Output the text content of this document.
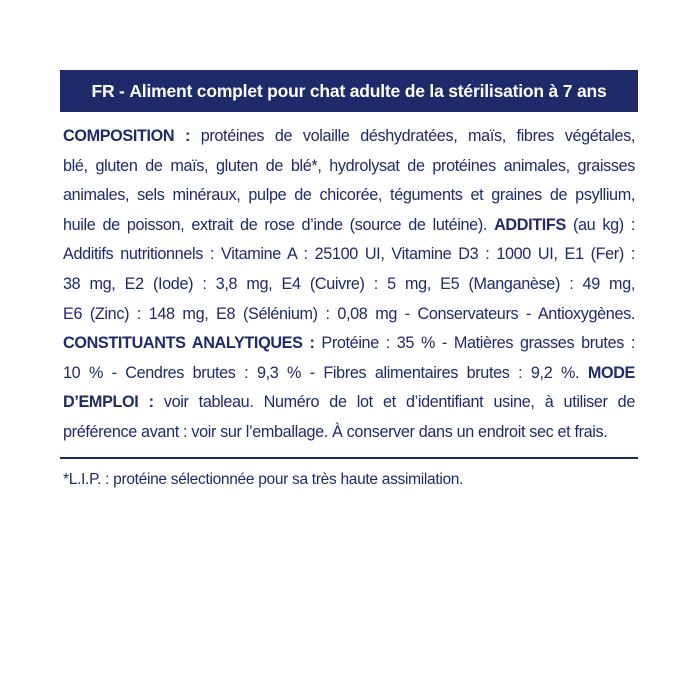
FR -
Aliment complet pour chat adulte de la stérilisation à 7 ans
COMPOSITION : protéines de volaille déshydratées, maïs, fibres végétales,
blé, gluten de maïs, gluten de blé*, hydrolysat de protéines animales, graisses
animales, sels minéraux, pulpe de chicorée, téguments et graines de psyllium,
huile de poisson, extrait de rose d’inde (source de lutéine). ADDITIFS (au kg) :
Additifs nutritionnels : Vitamine A : 25100 UI, Vitamine D3 : 1000 UI, E1 (Fer) :
38 mg, E2 (Iode) : 3,8 mg, E4 (Cuivre) : 5 mg, E5 (Manganèse) : 49 mg,
E6 (Zinc) : 148 mg, E8 (Sélénium) : 0,08 mg - Conservateurs - Antioxygènes.
CONSTITUANTS ANALYTIQUES : Protéine : 35 % - Matières grasses brutes :
10 % - Cendres brutes : 9,3 % - Fibres alimentaires brutes : 9,2 %. MODE
D’EMPLOI : voir tableau. Numéro de lot et d’identifiant usine, à utiliser de
préférence avant : voir sur l’emballage. À conserver dans un endroit sec et frais.
*L.I.P. : protéine sélectionnée pour sa très haute assimilation.
